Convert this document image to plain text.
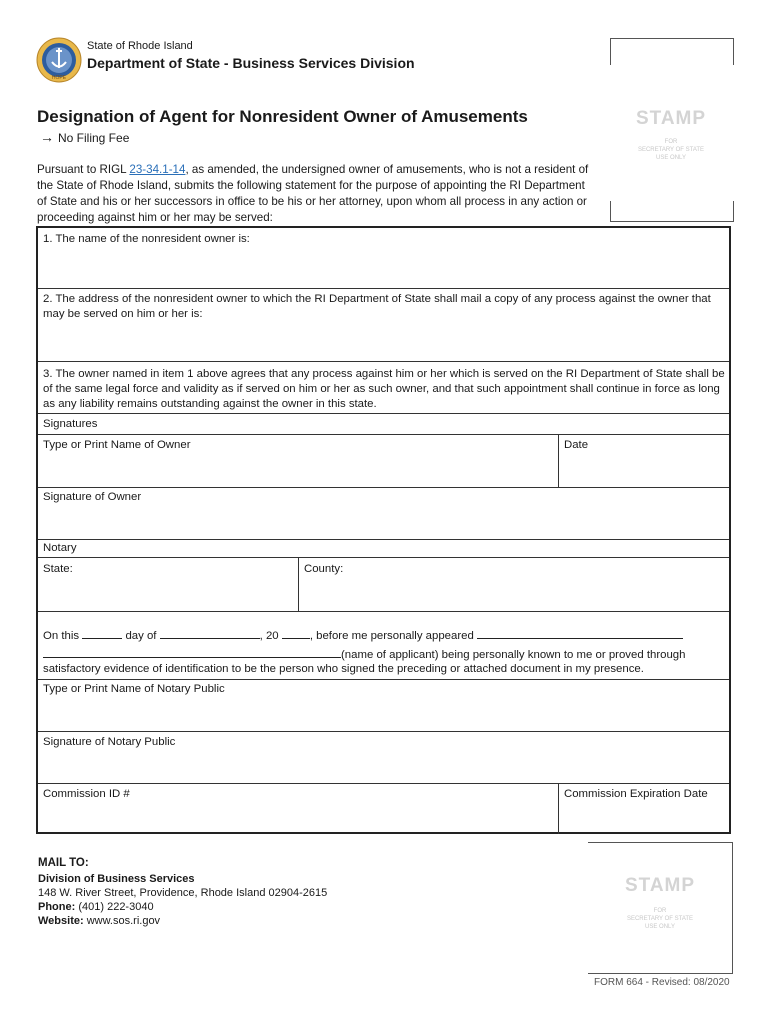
HOPE
State of Rhode Island
Department of State - Business Services Division
Designation of Agent for Nonresident Owner of Amusements
→ No Filing Fee
Pursuant to RIGL 23-34.1-14, as amended, the undersigned owner of amusements, who is not a resident of the State of Rhode Island, submits the following statement for the purpose of appointing the RI Department of State and his or her successors in office to be his or her attorney, upon whom all process in any action or proceeding against him or her may be served:
STAMP
FOR
SECRETARY OF STATE
USE ONLY
1. The name of the nonresident owner is:
2. The address of the nonresident owner to which the RI Department of State shall mail a copy of any process against the owner that may be served on him or her is:
3. The owner named in item 1 above agrees that any process against him or her which is served on the RI Department of State shall be of the same legal force and validity as if served on him or her as such owner, and that such appointment shall continue in force as long as any liability remains outstanding against the owner in this state.
Signatures
Type or Print Name of Owner	Date
Signature of Owner
Notary
State:	County:
On this	day of	, 20	, before me personally appeared
(name of applicant) being personally known to me or proved through
satisfactory evidence of identification to be the person who signed the preceding or attached document in my presence.
Type or Print Name of Notary Public
Signature of Notary Public
Commission ID #	Commission Expiration Date
MAIL TO:
Division of Business Services
148 W. River Street, Providence, Rhode Island 02904-2615
Phone: (401) 222-3040
Website: www.sos.ri.gov
STAMP
FOR
SECRETARY OF STATE
USE ONLY
FORM 664 - Revised: 08/2020
